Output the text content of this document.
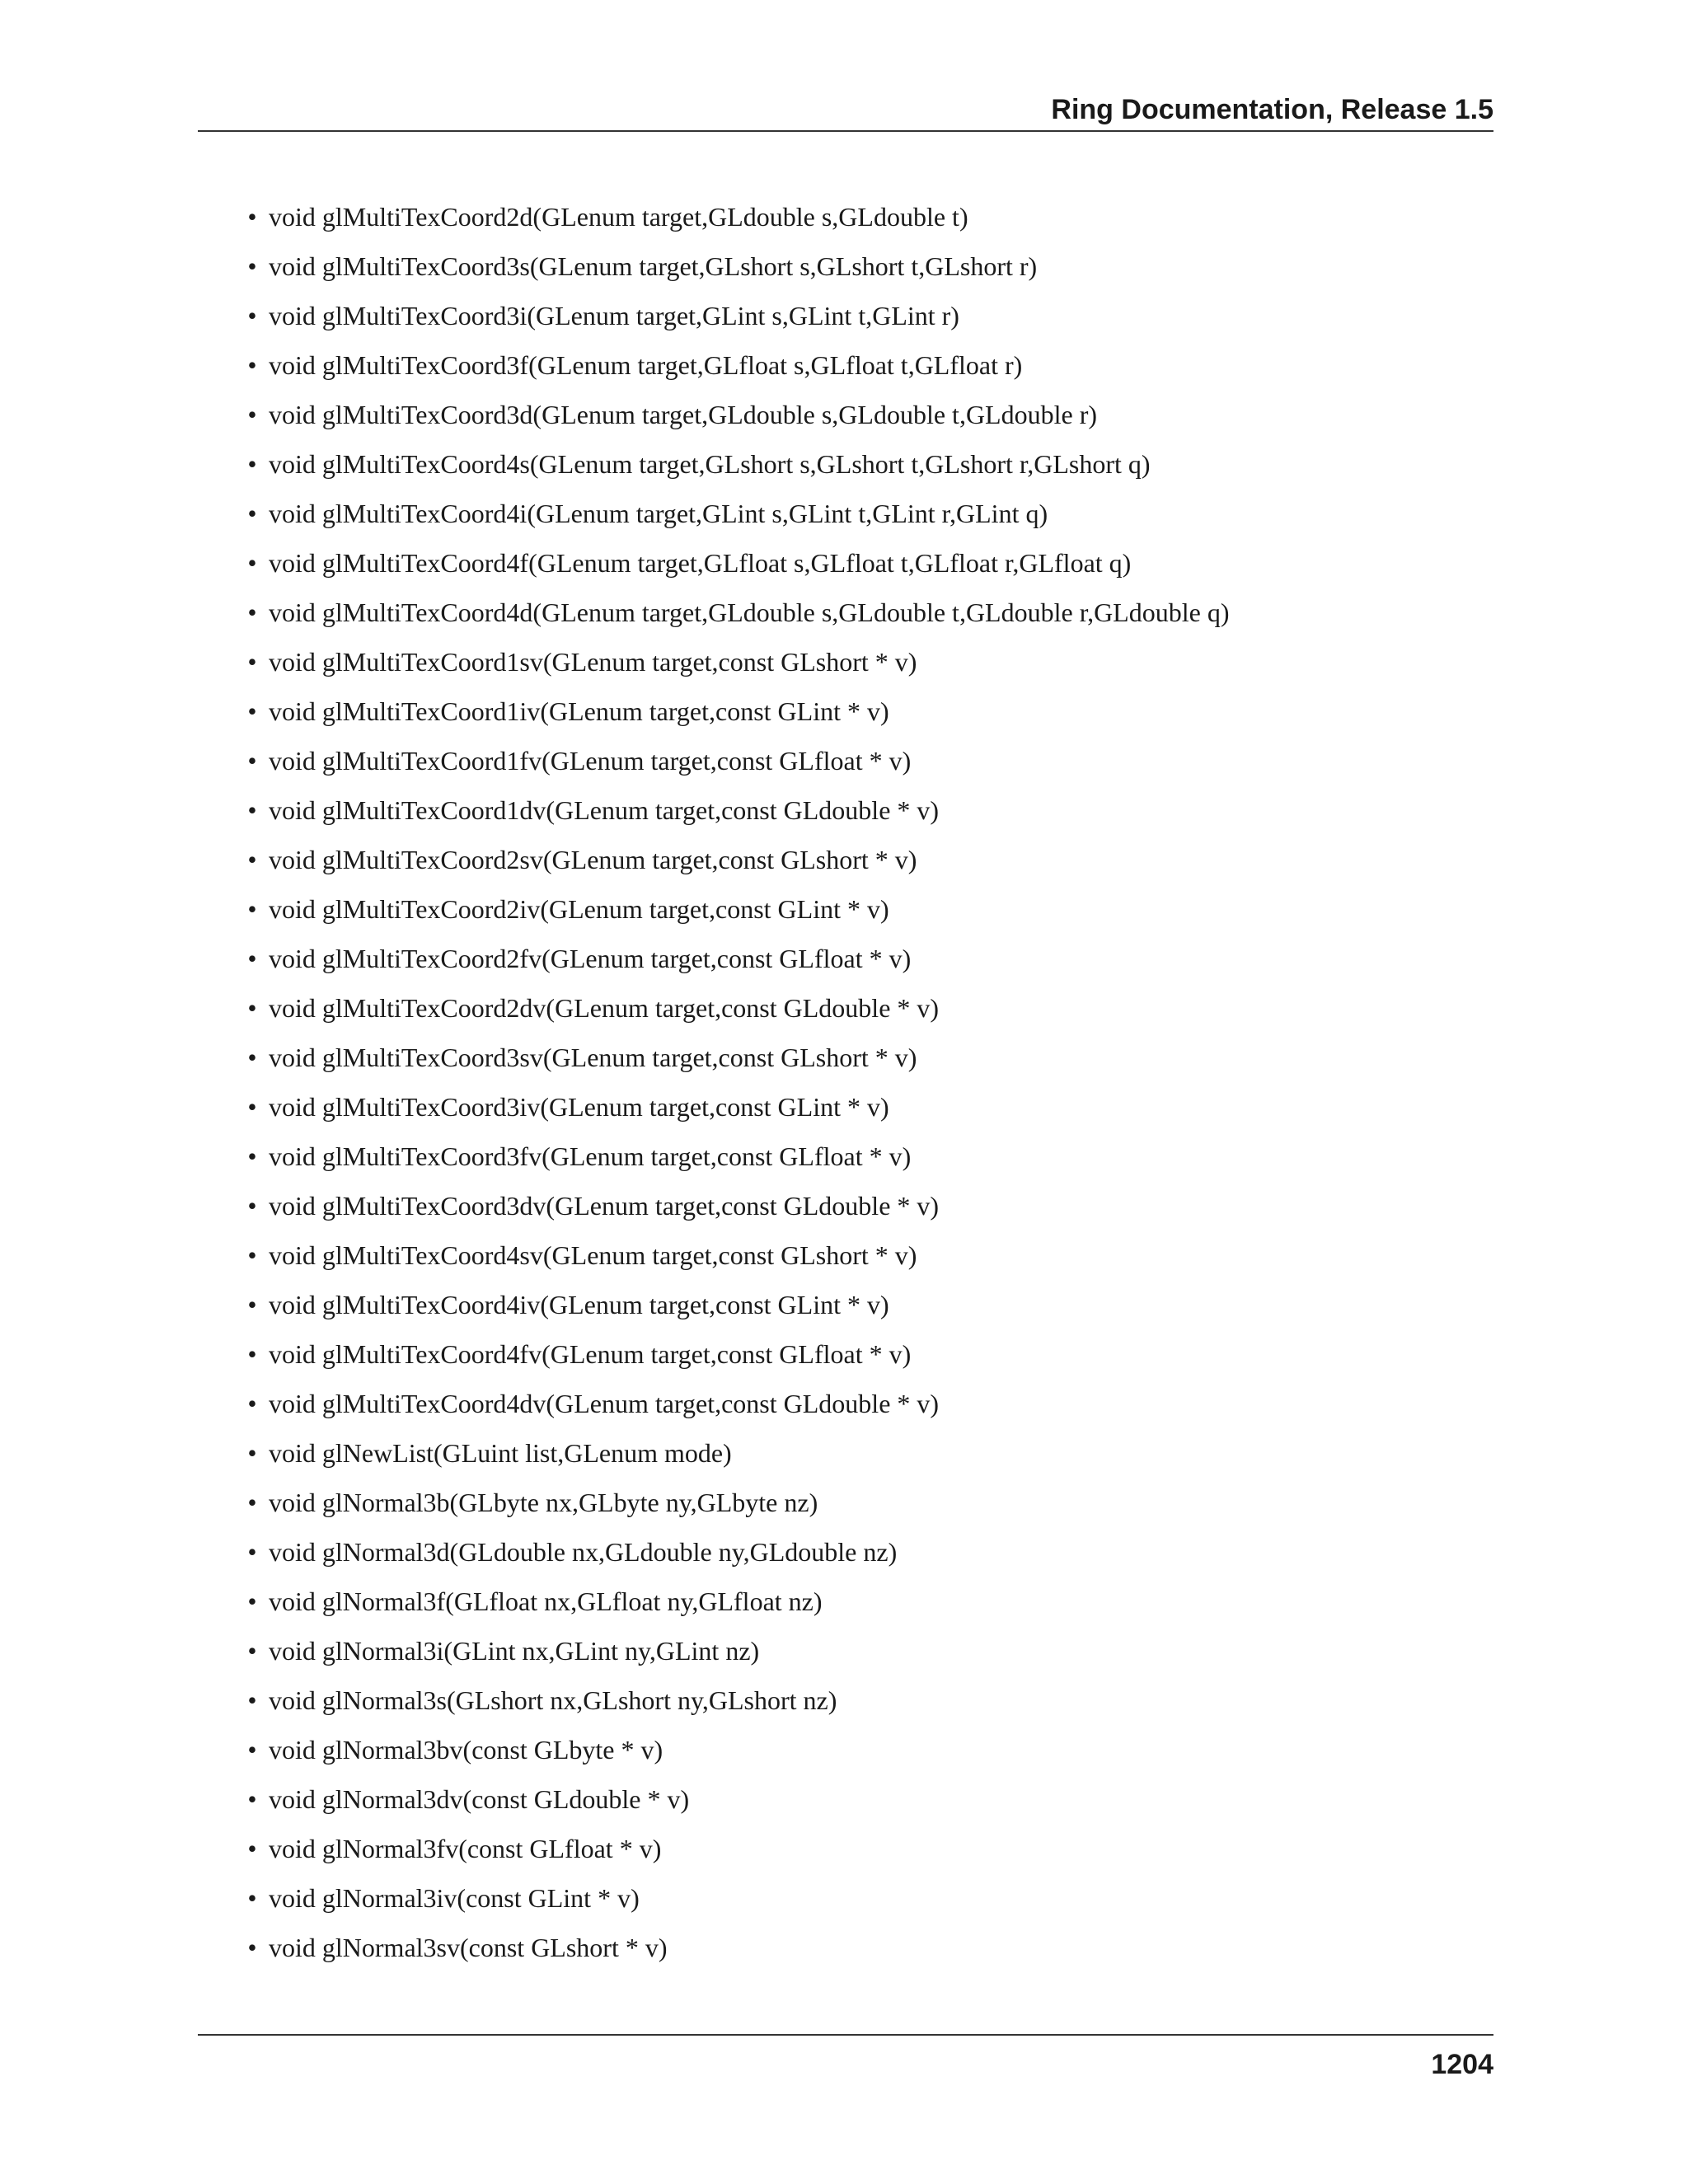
Ring Documentation, Release 1.5
• void glMultiTexCoord2d(GLenum target,GLdouble s,GLdouble t)
• void glMultiTexCoord3s(GLenum target,GLshort s,GLshort t,GLshort r)
• void glMultiTexCoord3i(GLenum target,GLint s,GLint t,GLint r)
• void glMultiTexCoord3f(GLenum target,GLfloat s,GLfloat t,GLfloat r)
• void glMultiTexCoord3d(GLenum target,GLdouble s,GLdouble t,GLdouble r)
• void glMultiTexCoord4s(GLenum target,GLshort s,GLshort t,GLshort r,GLshort q)
• void glMultiTexCoord4i(GLenum target,GLint s,GLint t,GLint r,GLint q)
• void glMultiTexCoord4f(GLenum target,GLfloat s,GLfloat t,GLfloat r,GLfloat q)
• void glMultiTexCoord4d(GLenum target,GLdouble s,GLdouble t,GLdouble r,GLdouble q)
• void glMultiTexCoord1sv(GLenum target,const GLshort * v)
• void glMultiTexCoord1iv(GLenum target,const GLint * v)
• void glMultiTexCoord1fv(GLenum target,const GLfloat * v)
• void glMultiTexCoord1dv(GLenum target,const GLdouble * v)
• void glMultiTexCoord2sv(GLenum target,const GLshort * v)
• void glMultiTexCoord2iv(GLenum target,const GLint * v)
• void glMultiTexCoord2fv(GLenum target,const GLfloat * v)
• void glMultiTexCoord2dv(GLenum target,const GLdouble * v)
• void glMultiTexCoord3sv(GLenum target,const GLshort * v)
• void glMultiTexCoord3iv(GLenum target,const GLint * v)
• void glMultiTexCoord3fv(GLenum target,const GLfloat * v)
• void glMultiTexCoord3dv(GLenum target,const GLdouble * v)
• void glMultiTexCoord4sv(GLenum target,const GLshort * v)
• void glMultiTexCoord4iv(GLenum target,const GLint * v)
• void glMultiTexCoord4fv(GLenum target,const GLfloat * v)
• void glMultiTexCoord4dv(GLenum target,const GLdouble * v)
• void glNewList(GLuint list,GLenum mode)
• void glNormal3b(GLbyte nx,GLbyte ny,GLbyte nz)
• void glNormal3d(GLdouble nx,GLdouble ny,GLdouble nz)
• void glNormal3f(GLfloat nx,GLfloat ny,GLfloat nz)
• void glNormal3i(GLint nx,GLint ny,GLint nz)
• void glNormal3s(GLshort nx,GLshort ny,GLshort nz)
• void glNormal3bv(const GLbyte * v)
• void glNormal3dv(const GLdouble * v)
• void glNormal3fv(const GLfloat * v)
• void glNormal3iv(const GLint * v)
• void glNormal3sv(const GLshort * v)
1204
